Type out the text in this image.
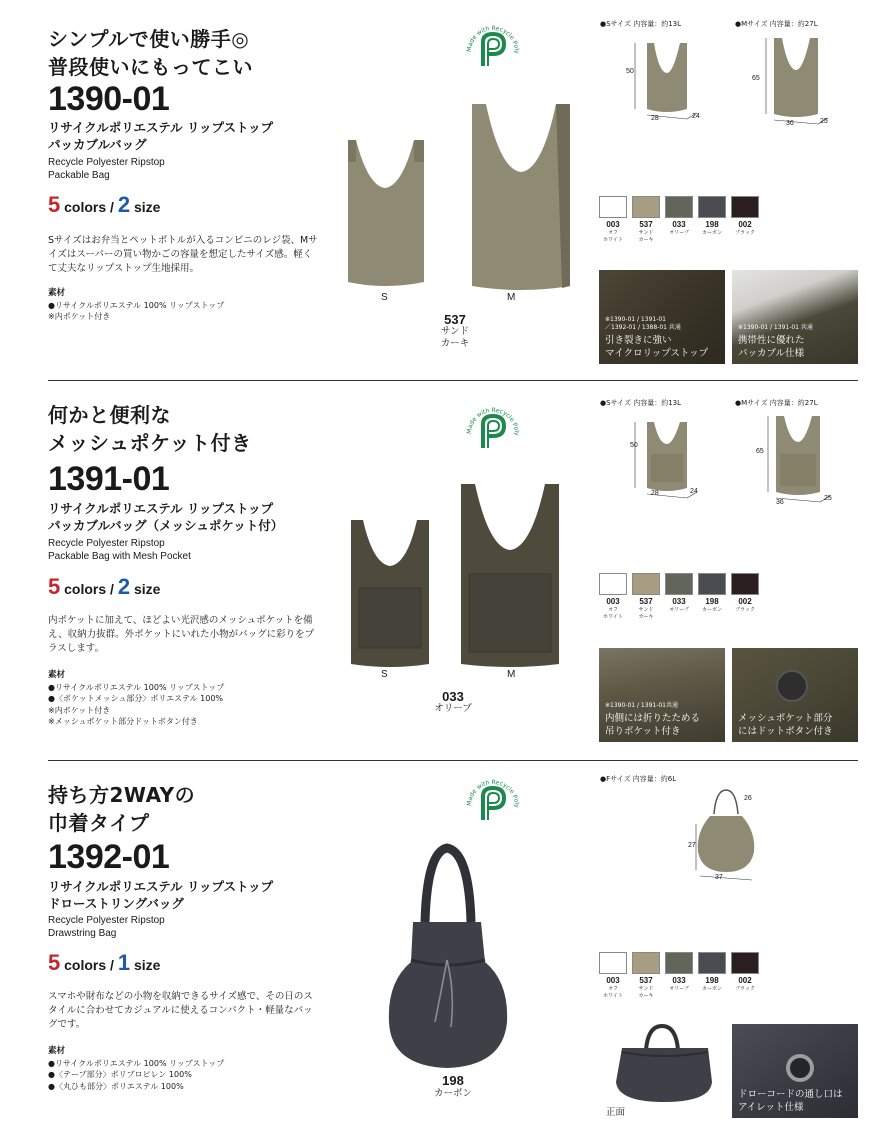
シンプルで使い勝手◎
普段使いにもってこい
1390-01
リサイクルポリエステル リップストップ
パッカブルバッグ
Recycle Polyester Ripstop
Packable Bag
5 colors / 2 size
Sサイズはお弁当とペットボトルが入るコンビニのレジ袋、Mサイズはスーパーの買い物かごの容量を想定したサイズ感。軽くて丈夫なリップストップ生地採用。
素材
●リサイクルポリエステル 100% リップストップ
※内ポケット付き
Made with Recycle Poly
S	M
537
サンド
カーキ
●Sサイズ 内容量：約13L	●Mサイズ 内容量：約27L
50
28	24
65
36	25
003
オフ
ホワイト
537
サンド
カーキ
033
オリーブ
198
カーボン
002
ブラック
※1390-01 / 1391-01
／1392-01 / 1388-01 共通
引き裂きに強い
マイクロリップストップ
※1390-01 / 1391-01 共通
携帯性に優れた
パッカブル仕様
何かと便利な
メッシュポケット付き
1391-01
リサイクルポリエステル リップストップ
パッカブルバッグ（メッシュポケット付）
Recycle Polyester Ripstop
Packable Bag with Mesh Pocket
5 colors / 2 size
内ポケットに加えて、ほどよい光沢感のメッシュポケットを備え、収納力抜群。外ポケットにいれた小物がバッグに彩りをプラスします。
素材
●リサイクルポリエステル 100% リップストップ
●〈ポケットメッシュ部分〉ポリエステル 100%
※内ポケット付き
※メッシュポケット部分ドットボタン付き
Made with Recycle Poly
S	M
033
オリーブ
●Sサイズ 内容量：約13L	●Mサイズ 内容量：約27L
50
28	24
65
36
25
003
オフ
ホワイト
537
サンド
カーキ
033
オリーブ
198
カーボン
002
ブラック
※1390-01 / 1391-01共通
内側には折りたためる
吊りポケット付き
メッシュポケット部分
にはドットボタン付き
持ち方2WAYの
巾着タイプ
1392-01
リサイクルポリエステル リップストップ
ドローストリングバッグ
Recycle Polyester Ripstop
Drawstring Bag
5 colors / 1 size
スマホや財布などの小物を収納できるサイズ感で、その日のスタイルに合わせてカジュアルに使えるコンパクト・軽量なバッグです。
素材
●リサイクルポリエステル 100% リップストップ
●〈テープ部分〉ポリプロピレン 100%
●〈丸ひも部分〉ポリエステル 100%
Made with Recycle Poly
198
カーボン
●Fサイズ 内容量：約6L
26
27
37
003
オフ
ホワイト
537
サンド
カーキ
033
オリーブ
198
カーボン
002
ブラック
正面
ドローコードの通し口は
アイレット仕様
